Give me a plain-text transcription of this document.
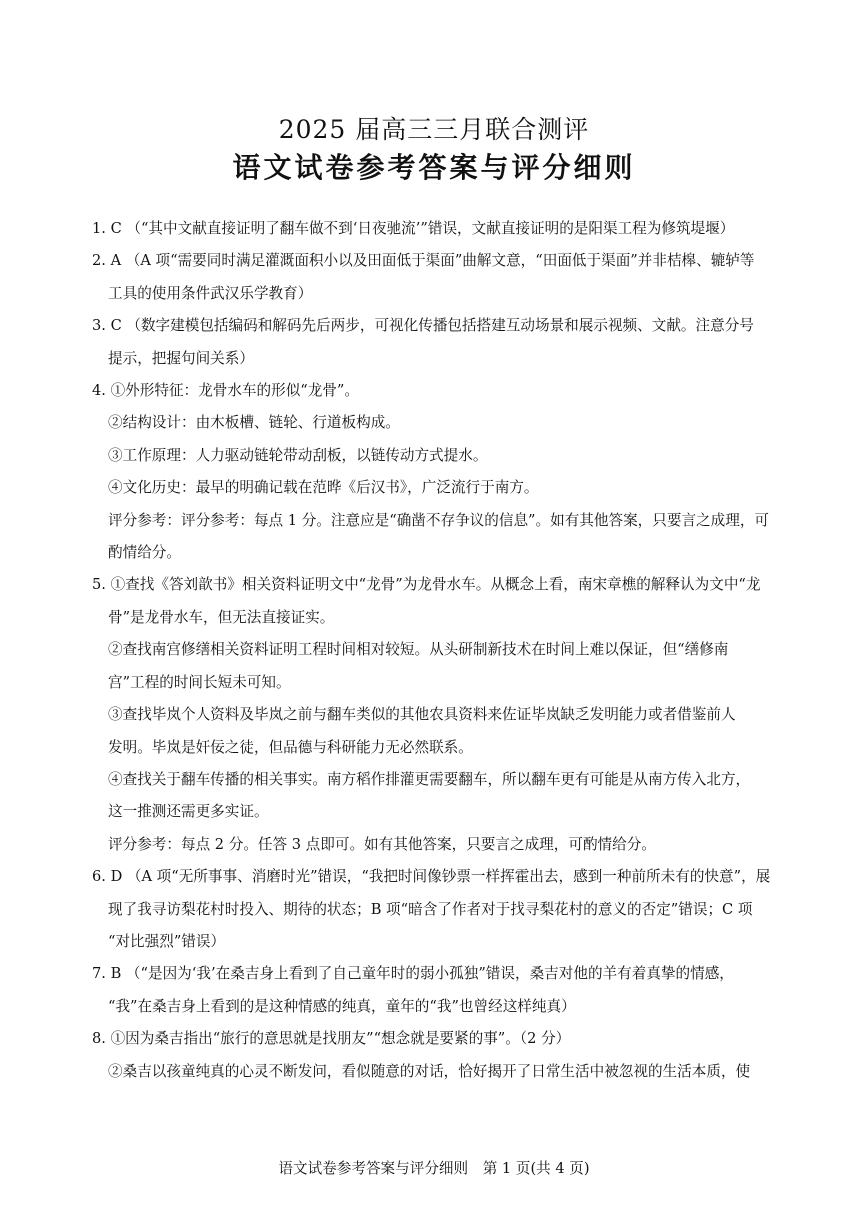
2025 届高三三月联合测评
语文试卷参考答案与评分细则

1. C （“其中文献直接证明了翻车做不到‘日夜驰流’”错误，文献直接证明的是阳渠工程为修筑堤堰）

2. A （A 项“需要同时满足灌溉面积小以及田面低于渠面”曲解文意，“田面低于渠面”并非桔槔、辘轳等

工具的使用条件武汉乐学教育）

3. C （数字建模包括编码和解码先后两步，可视化传播包括搭建互动场景和展示视频、文献。注意分号

提示，把握句间关系）

4. ①外形特征：龙骨水车的形似“龙骨”。

②结构设计：由木板槽、链轮、行道板构成。

③工作原理：人力驱动链轮带动刮板，以链传动方式提水。

④文化历史：最早的明确记载在范晔《后汉书》，广泛流行于南方。

评分参考：评分参考：每点 1 分。注意应是“确凿不存争议的信息”。如有其他答案，只要言之成理，可

酌情给分。

5. ①查找《答刘歆书》相关资料证明文中“龙骨”为龙骨水车。从概念上看，南宋章樵的解释认为文中“龙

骨”是龙骨水车，但无法直接证实。

②查找南宫修缮相关资料证明工程时间相对较短。从头研制新技术在时间上难以保证，但“缮修南

宫”工程的时间长短未可知。

③查找毕岚个人资料及毕岚之前与翻车类似的其他农具资料来佐证毕岚缺乏发明能力或者借鉴前人

发明。毕岚是奸佞之徒，但品德与科研能力无必然联系。

④查找关于翻车传播的相关事实。南方稻作排灌更需要翻车，所以翻车更有可能是从南方传入北方，

这一推测还需更多实证。

评分参考：每点 2 分。任答 3 点即可。如有其他答案，只要言之成理，可酌情给分。

6. D （A 项“无所事事、消磨时光”错误，“我把时间像钞票一样挥霍出去，感到一种前所未有的快意”，展

现了我寻访梨花村时投入、期待的状态；B 项“暗含了作者对于找寻梨花村的意义的否定”错误；C 项

“对比强烈”错误）

7. B （“是因为‘我’在桑吉身上看到了自己童年时的弱小孤独”错误，桑吉对他的羊有着真挚的情感，

“我”在桑吉身上看到的是这种情感的纯真，童年的“我”也曾经这样纯真）

8. ①因为桑吉指出“旅行的意思就是找朋友”“想念就是要紧的事”。（2 分）

②桑吉以孩童纯真的心灵不断发问，看似随意的对话，恰好揭开了日常生活中被忽视的生活本质，使

语文试卷参考答案与评分细则　第 1 页(共 4 页)
